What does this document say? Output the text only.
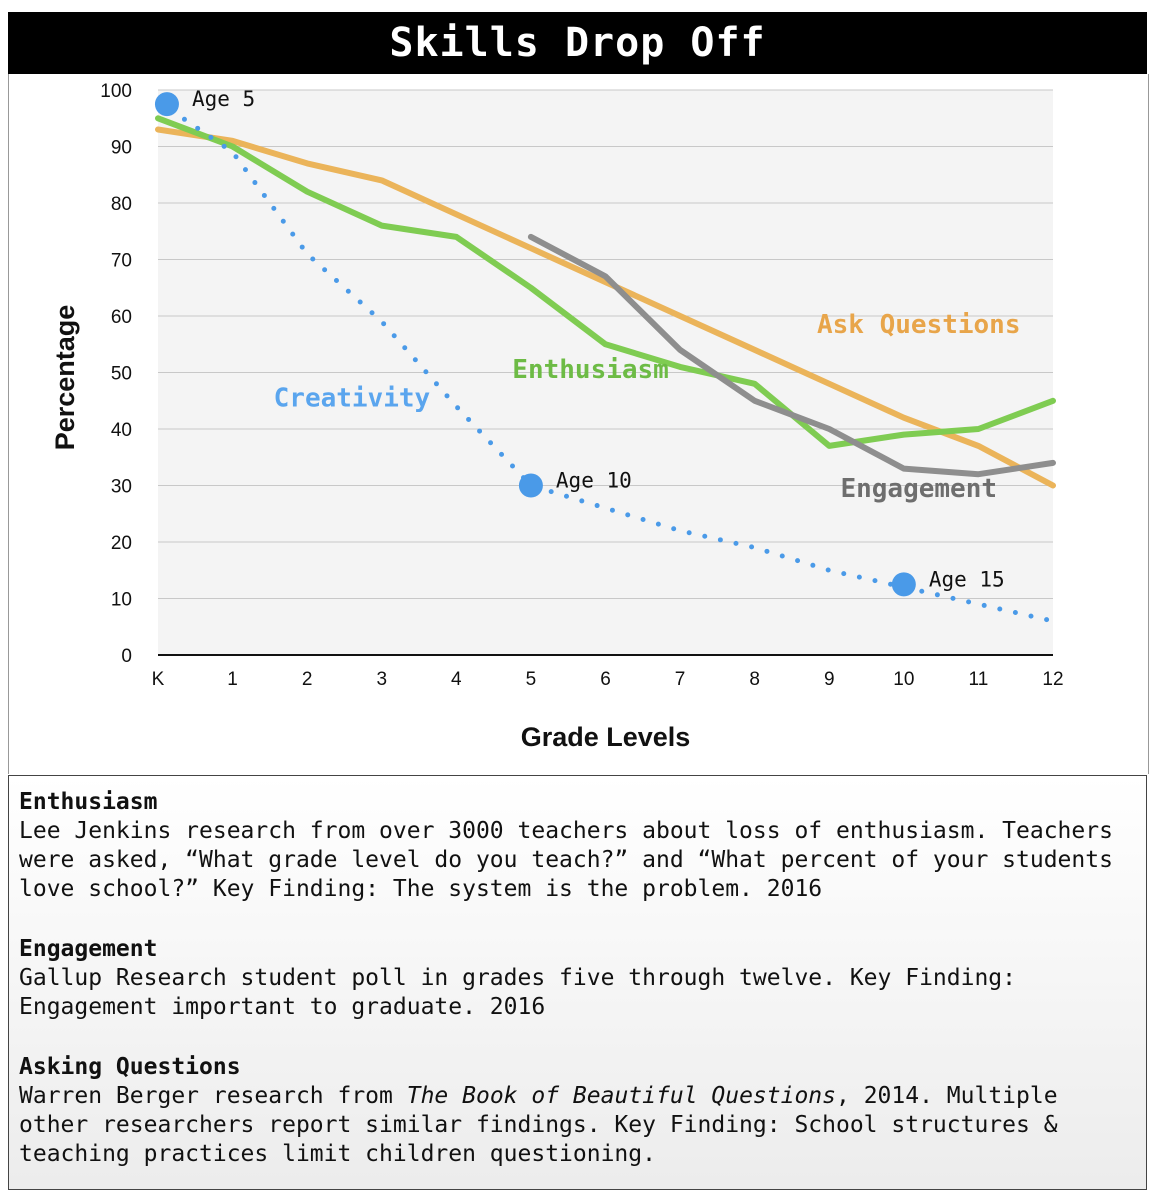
Skills Drop Off
0
10
20
30
40
50
60
70
80
90
100
K	1	2	3	4	5	6	7	8	9	10	11	12
Grade Levels
Percentage
Age 5
Age 10
Age 15
Creativity
Enthusiasm
Ask Questions
Engagement
Enthusiasm
Lee Jenkins research from over 3000 teachers about loss of enthusiasm. Teachers were asked, “What grade level do you teach?” and “What percent of your students love school?” Key Finding: The system is the problem. 2016
Engagement
Gallup Research student poll in grades five through twelve. Key Finding: Engagement important to graduate. 2016
Asking Questions
Warren Berger research from The Book of Beautiful Questions, 2014. Multiple other researchers report similar findings. Key Finding: School structures & teaching practices limit children questioning.
